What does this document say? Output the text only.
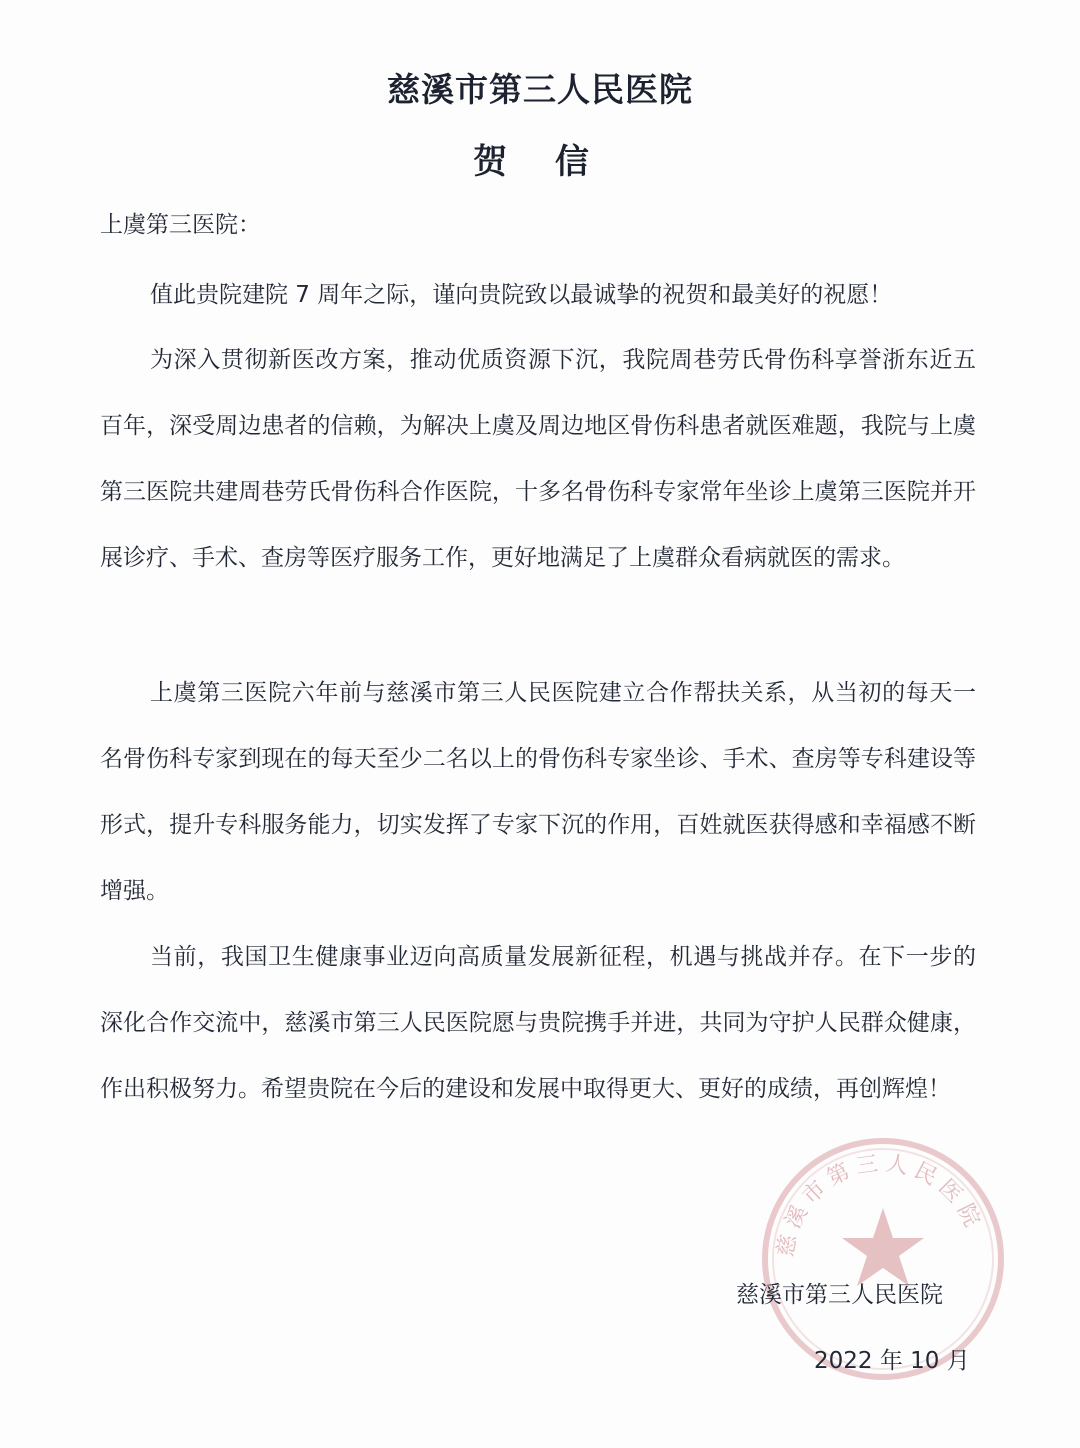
慈溪市第三人民医院
贺 信
上虞第三医院：

值此贵院建院 7 周年之际，谨向贵院致以最诚挚的祝贺和最美好的祝愿！

为深入贯彻新医改方案，推动优质资源下沉，我院周巷劳氏骨伤科享誉浙东近五百年，深受周边患者的信赖，为解决上虞及周边地区骨伤科患者就医难题，我院与上虞第三医院共建周巷劳氏骨伤科合作医院，十多名骨伤科专家常年坐诊上虞第三医院并开展诊疗、手术、查房等医疗服务工作，更好地满足了上虞群众看病就医的需求。

上虞第三医院六年前与慈溪市第三人民医院建立合作帮扶关系，从当初的每天一名骨伤科专家到现在的每天至少二名以上的骨伤科专家坐诊、手术、查房等专科建设等形式，提升专科服务能力，切实发挥了专家下沉的作用，百姓就医获得感和幸福感不断增强。

当前，我国卫生健康事业迈向高质量发展新征程，机遇与挑战并存。在下一步的深化合作交流中，慈溪市第三人民医院愿与贵院携手并进，共同为守护人民群众健康，作出积极努力。希望贵院在今后的建设和发展中取得更大、更好的成绩，再创辉煌！

慈溪市第三人民医院
慈溪市第三人民医院
2022 年 10 月
